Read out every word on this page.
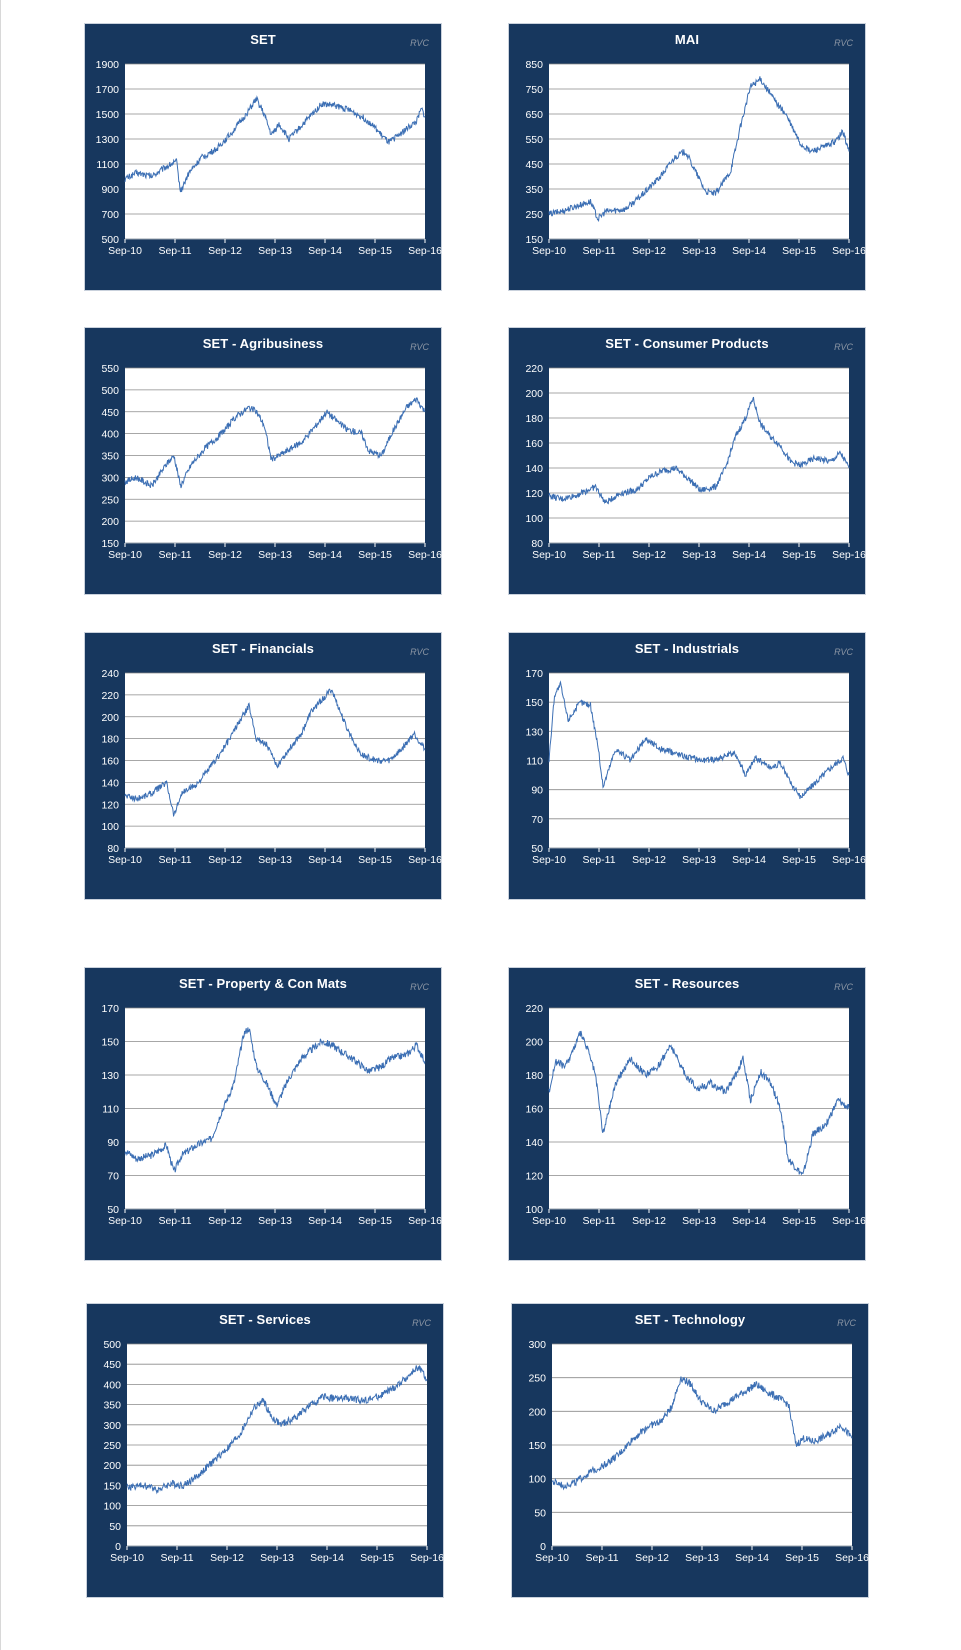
SET	RVC
1900
1700
1500
1300
1100
900
700
500
Sep-10 Sep-11 Sep-12 Sep-13 Sep-14 Sep-15 Sep-16
MAI	RVC
850
750
650
550
450
350
250
150
Sep-10 Sep-11 Sep-12 Sep-13 Sep-14 Sep-15 Sep-16
SET - Agribusiness	RVC
550
500
450
400
350
300
250
200
150
Sep-10 Sep-11 Sep-12 Sep-13 Sep-14 Sep-15 Sep-16
SET - Consumer Products	RVC
220
200
180
160
140
120
100
80
Sep-10 Sep-11 Sep-12 Sep-13 Sep-14 Sep-15 Sep-16
SET - Financials	RVC
240
220
200
180
160
140
120
100
80
Sep-10 Sep-11 Sep-12 Sep-13 Sep-14 Sep-15 Sep-16
SET - Industrials	RVC
170
150
130
110
90
70
50
Sep-10 Sep-11 Sep-12 Sep-13 Sep-14 Sep-15 Sep-16
SET - Property & Con Mats	RVC
170
150
130
110
90
70
50
Sep-10 Sep-11 Sep-12 Sep-13 Sep-14 Sep-15 Sep-16
SET - Resources	RVC
220
200
180
160
140
120
100
Sep-10 Sep-11 Sep-12 Sep-13 Sep-14 Sep-15 Sep-16
SET - Services	RVC
500
450
400
350
300
250
200
150
100
50
0
Sep-10 Sep-11 Sep-12 Sep-13 Sep-14 Sep-15 Sep-16
SET - Technology	RVC
300
250
200
150
100
50
0
Sep-10 Sep-11 Sep-12 Sep-13 Sep-14 Sep-15 Sep-16
